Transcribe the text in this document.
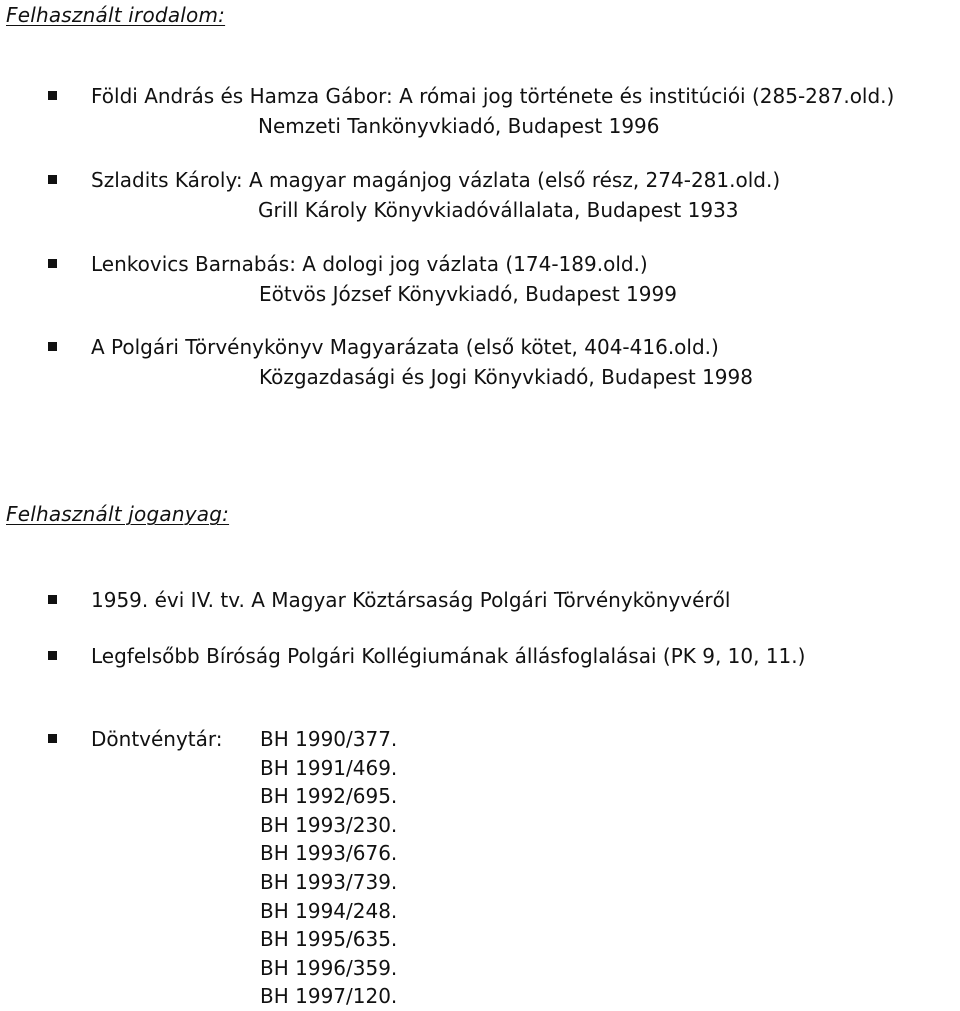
Felhasznált irodalom:
Földi András és Hamza Gábor: A római jog története és institúciói (285-287.old.)
Nemzeti Tankönyvkiadó, Budapest 1996
Szladits Károly: A magyar magánjog vázlata (első rész, 274-281.old.)
Grill Károly Könyvkiadóvállalata, Budapest 1933
Lenkovics Barnabás: A dologi jog vázlata (174-189.old.)
Eötvös József Könyvkiadó, Budapest 1999
A Polgári Törvénykönyv Magyarázata (első kötet, 404-416.old.)
Közgazdasági és Jogi Könyvkiadó, Budapest 1998
Felhasznált joganyag:
1959. évi IV. tv. A Magyar Köztársaság Polgári Törvénykönyvéről
Legfelsőbb Bíróság Polgári Kollégiumának állásfoglalásai (PK 9, 10, 11.)
Döntvénytár: BH 1990/377.
BH 1991/469.
BH 1992/695.
BH 1993/230.
BH 1993/676.
BH 1993/739.
BH 1994/248.
BH 1995/635.
BH 1996/359.
BH 1997/120.
